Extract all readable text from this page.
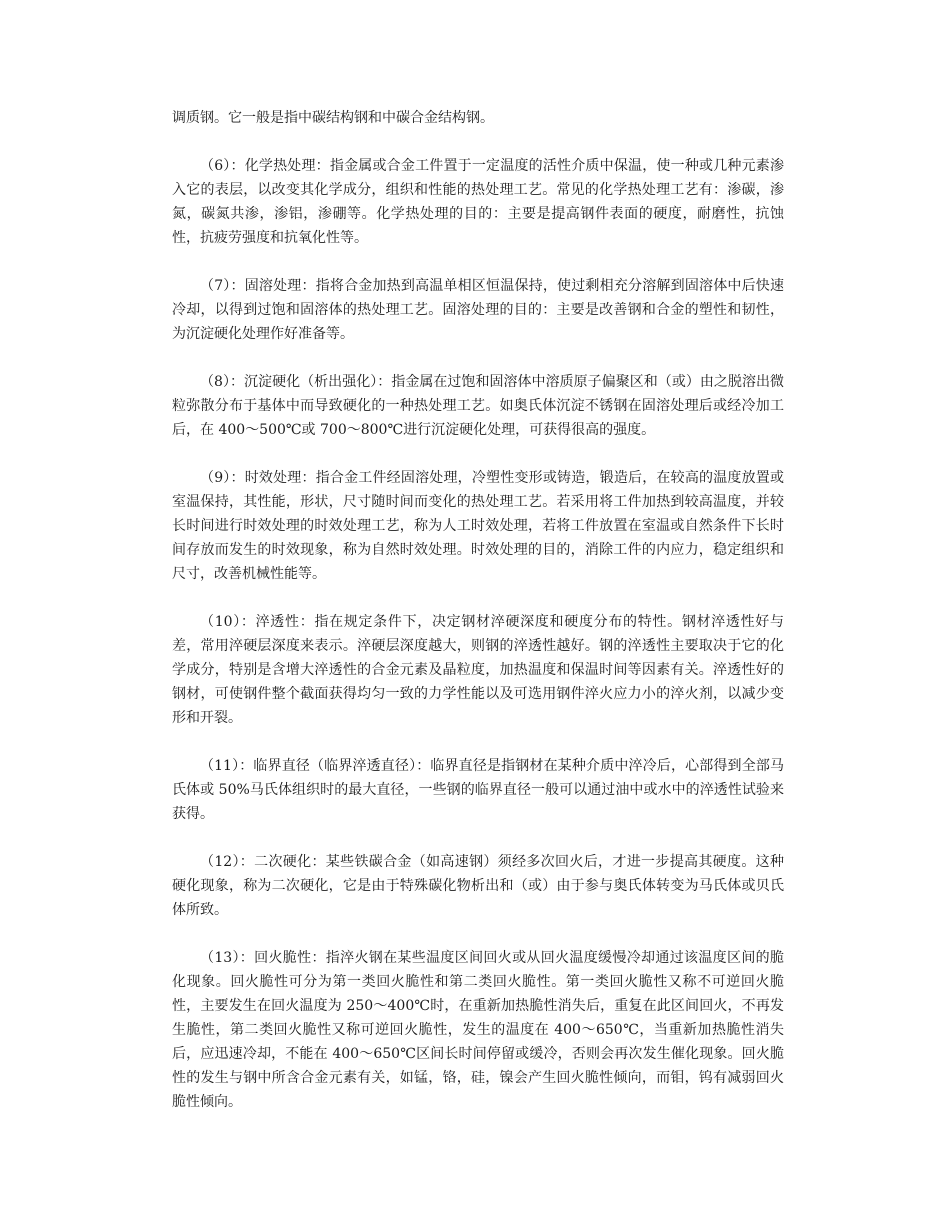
调质钢。它一般是指中碳结构钢和中碳合金结构钢。

（6）：化学热处理：指金属或合金工件置于一定温度的活性介质中保温，使一种或几种元素渗入它的表层，以改变其化学成分，组织和性能的热处理工艺。常见的化学热处理工艺有：渗碳，渗氮，碳氮共渗，渗铝，渗硼等。化学热处理的目的：主要是提高钢件表面的硬度，耐磨性，抗蚀性，抗疲劳强度和抗氧化性等。

（7）：固溶处理：指将合金加热到高温单相区恒温保持，使过剩相充分溶解到固溶体中后快速冷却，以得到过饱和固溶体的热处理工艺。固溶处理的目的：主要是改善钢和合金的塑性和韧性，为沉淀硬化处理作好准备等。

（8）：沉淀硬化（析出强化）：指金属在过饱和固溶体中溶质原子偏聚区和（或）由之脱溶出微粒弥散分布于基体中而导致硬化的一种热处理工艺。如奥氏体沉淀不锈钢在固溶处理后或经冷加工后，在 400～500℃或 700～800℃进行沉淀硬化处理，可获得很高的强度。

（9）：时效处理：指合金工件经固溶处理，冷塑性变形或铸造，锻造后，在较高的温度放置或室温保持，其性能，形状，尺寸随时间而变化的热处理工艺。若采用将工件加热到较高温度，并较长时间进行时效处理的时效处理工艺，称为人工时效处理，若将工件放置在室温或自然条件下长时间存放而发生的时效现象，称为自然时效处理。时效处理的目的，消除工件的内应力，稳定组织和尺寸，改善机械性能等。

（10）：淬透性：指在规定条件下，决定钢材淬硬深度和硬度分布的特性。钢材淬透性好与差，常用淬硬层深度来表示。淬硬层深度越大，则钢的淬透性越好。钢的淬透性主要取决于它的化学成分，特别是含增大淬透性的合金元素及晶粒度，加热温度和保温时间等因素有关。淬透性好的钢材，可使钢件整个截面获得均匀一致的力学性能以及可选用钢件淬火应力小的淬火剂，以减少变形和开裂。

（11）：临界直径（临界淬透直径）：临界直径是指钢材在某种介质中淬冷后，心部得到全部马氏体或 50%马氏体组织时的最大直径，一些钢的临界直径一般可以通过油中或水中的淬透性试验来获得。

（12）：二次硬化：某些铁碳合金（如高速钢）须经多次回火后，才进一步提高其硬度。这种硬化现象，称为二次硬化，它是由于特殊碳化物析出和（或）由于参与奥氏体转变为马氏体或贝氏体所致。

（13）：回火脆性：指淬火钢在某些温度区间回火或从回火温度缓慢冷却通过该温度区间的脆化现象。回火脆性可分为第一类回火脆性和第二类回火脆性。第一类回火脆性又称不可逆回火脆性，主要发生在回火温度为 250～400℃时，在重新加热脆性消失后，重复在此区间回火，不再发生脆性，第二类回火脆性又称可逆回火脆性，发生的温度在 400～650℃，当重新加热脆性消失后，应迅速冷却，不能在 400～650℃区间长时间停留或缓冷，否则会再次发生催化现象。回火脆性的发生与钢中所含合金元素有关，如锰，铬，硅，镍会产生回火脆性倾向，而钼，钨有减弱回火脆性倾向。
